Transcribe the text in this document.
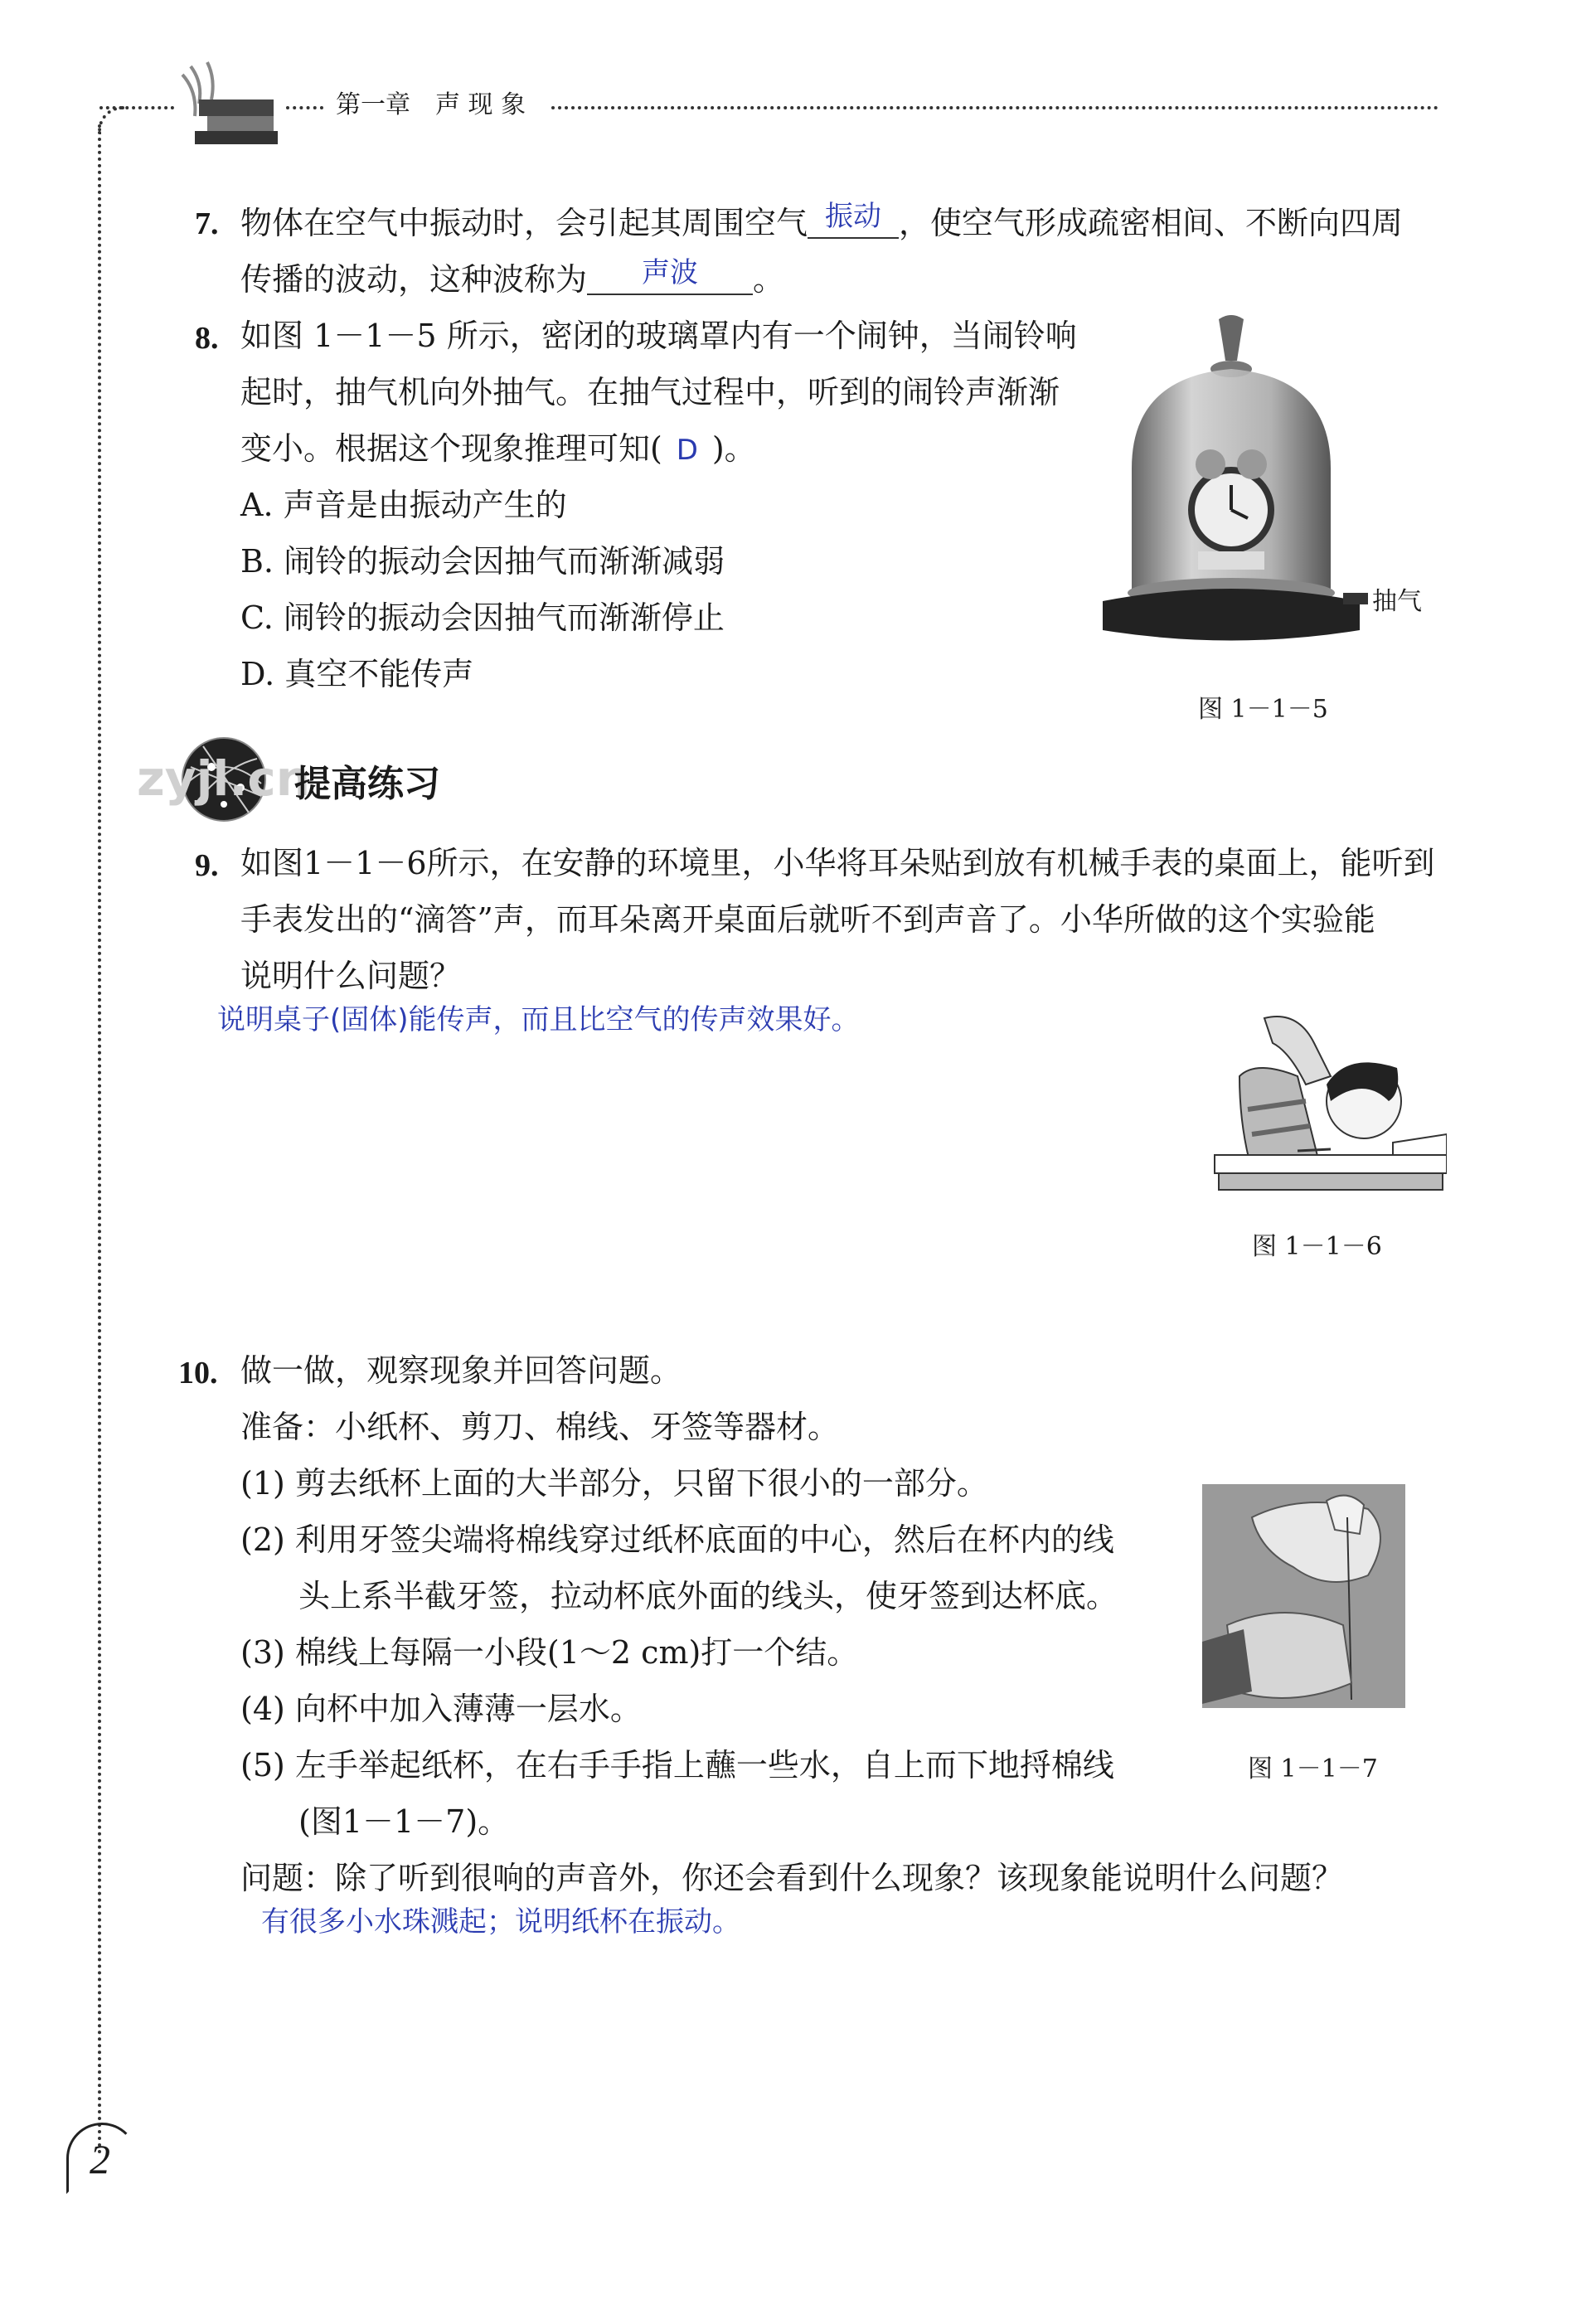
第一章　声 现 象
7. 物体在空气中振动时，会引起其周围空气 振动 ，使空气形成疏密相间、不断向四周
传播的波动，这种波称为	声波	。
8. 如图 1－1－5 所示，密闭的玻璃罩内有一个闹钟，当闹铃响
起时，抽气机向外抽气。在抽气过程中，听到的闹铃声渐渐
变小。根据这个现象推理可知( D )。
A. 声音是由振动产生的
B. 闹铃的振动会因抽气而渐渐减弱
C. 闹铃的振动会因抽气而渐渐停止
D. 真空不能传声
抽气
图 1－1－5
zyjl.cn
提高练习
9. 如图1－1－6所示，在安静的环境里，小华将耳朵贴到放有机械手表的桌面上，能听到
手表发出的“滴答”声，而耳朵离开桌面后就听不到声音了。小华所做的这个实验能
说明什么问题？
说明桌子(固体)能传声，而且比空气的传声效果好。
图 1－1－6
10. 做一做，观察现象并回答问题。
准备：小纸杯、剪刀、棉线、牙签等器材。
(1) 剪去纸杯上面的大半部分，只留下很小的一部分。
(2) 利用牙签尖端将棉线穿过纸杯底面的中心，然后在杯内的线
头上系半截牙签，拉动杯底外面的线头，使牙签到达杯底。
(3) 棉线上每隔一小段(1～2 cm)打一个结。
(4) 向杯中加入薄薄一层水。
(5) 左手举起纸杯，在右手手指上蘸一些水，自上而下地捋棉线
(图1－1－7)。
问题：除了听到很响的声音外，你还会看到什么现象？该现象能说明什么问题？
有很多小水珠溅起；说明纸杯在振动。
图 1－1－7
2
